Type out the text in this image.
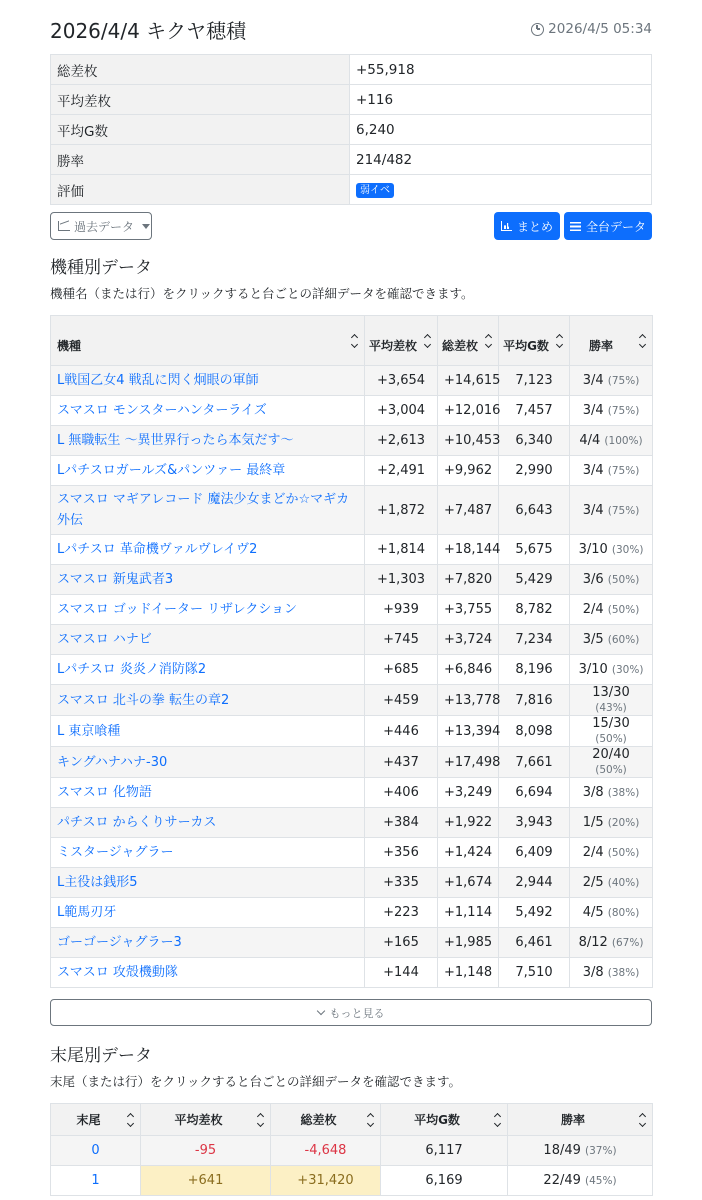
2026/4/4 キクヤ穂積	2026/4/5 05:34
総差枚	+55,918
平均差枚	+116
平均G数	6,240
勝率	214/482
評価	弱イベ
過去データ	まとめ	全台データ
機種別データ
機種名（または行）をクリックすると台ごとの詳細データを確認できます。
機種	平均差枚	総差枚	平均G数	勝率

L戦国乙女4 戦乱に閃く炯眼の軍師	+3,654	+14,615	7,123	3/4 (75%)
スマスロ モンスターハンターライズ	+3,004	+12,016	7,457	3/4 (75%)
L 無職転生 〜異世界行ったら本気だす〜	+2,613	+10,453	6,340	4/4 (100%)
Lパチスロガールズ&パンツァー 最終章	+2,491	+9,962	2,990	3/4 (75%)
スマスロ マギアレコード 魔法少女まどか☆マギカ外伝	+1,872	+7,487	6,643	3/4 (75%)
Lパチスロ 革命機ヴァルヴレイヴ2	+1,814	+18,144	5,675	3/10 (30%)
スマスロ 新鬼武者3	+1,303	+7,820	5,429	3/6 (50%)
スマスロ ゴッドイーター リザレクション	+939	+3,755	8,782	2/4 (50%)
スマスロ ハナビ	+745	+3,724	7,234	3/5 (60%)
Lパチスロ 炎炎ノ消防隊2	+685	+6,846	8,196	3/10 (30%)
スマスロ 北斗の拳 転生の章2	+459	+13,778	7,816	13/30 (43%)
L 東京喰種	+446	+13,394	8,098	15/30 (50%)
キングハナハナ-30	+437	+17,498	7,661	20/40 (50%)
スマスロ 化物語	+406	+3,249	6,694	3/8 (38%)
パチスロ からくりサーカス	+384	+1,922	3,943	1/5 (20%)
ミスタージャグラー	+356	+1,424	6,409	2/4 (50%)
L主役は銭形5	+335	+1,674	2,944	2/5 (40%)
L範馬刃牙	+223	+1,114	5,492	4/5 (80%)
ゴーゴージャグラー3	+165	+1,985	6,461	8/12 (67%)
スマスロ 攻殻機動隊	+144	+1,148	7,510	3/8 (38%)
もっと見る
末尾別データ
末尾（または行）をクリックすると台ごとの詳細データを確認できます。
末尾	平均差枚	総差枚	平均G数	勝率

0	-95	-4,648	6,117	18/49 (37%)
1	+641	+31,420	6,169	22/49 (45%)
